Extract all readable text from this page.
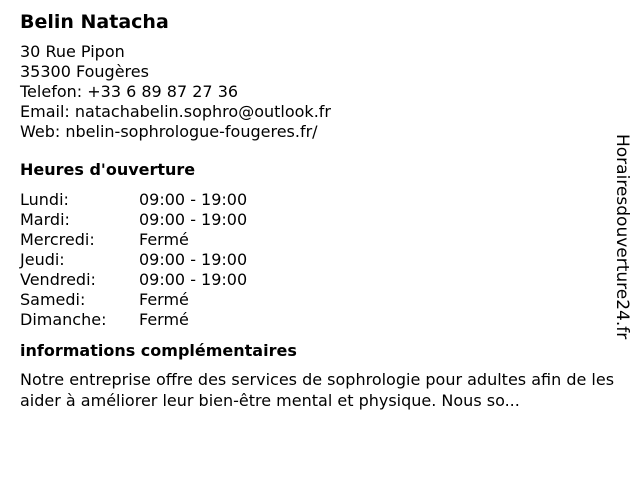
Belin Natacha
30 Rue Pipon
35300 Fougères
Telefon: +33 6 89 87 27 36
Email: natachabelin.sophro@outlook.fr
Web: nbelin-sophrologue-fougeres.fr/
Heures d'ouverture
Lundi:	09:00 - 19:00
Mardi:	09:00 - 19:00
Mercredi:	Fermé
Jeudi:	09:00 - 19:00
Vendredi:	09:00 - 19:00
Samedi:	Fermé
Dimanche:	Fermé
informations complémentaires
Notre entreprise offre des services de sophrologie pour adultes afin de les aider à améliorer leur bien-être mental et physique. Nous so...
Horairesdouverture24.fr
